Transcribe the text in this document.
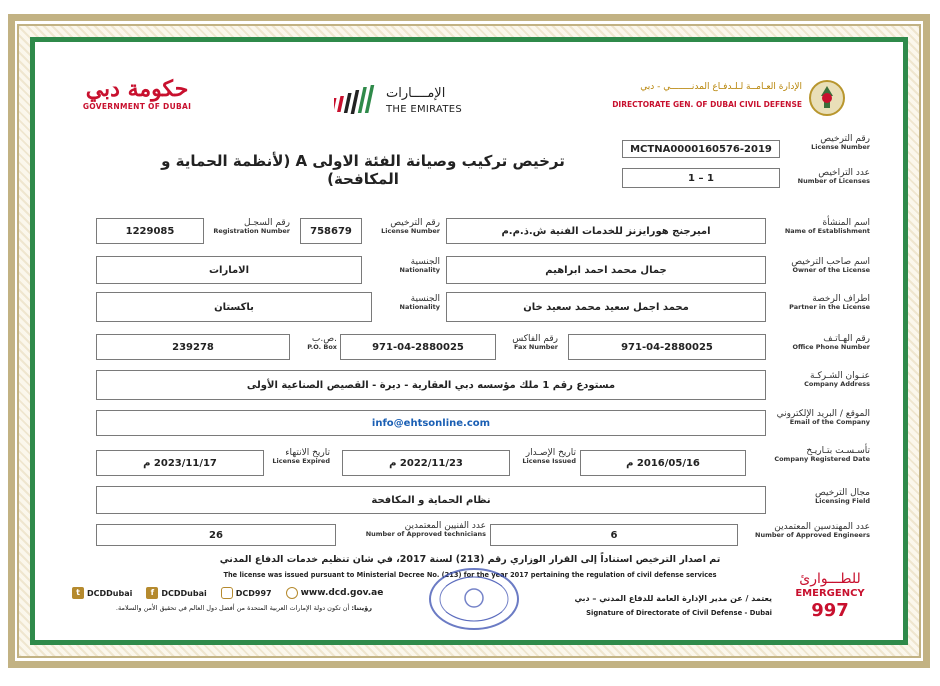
حكومة دبي
GOVERNMENT OF DUBAI
الإمــــارات
THE EMIRATES
الإدارة العـامــة لـلـدفـاع المدنــــــــي - دبي
DIRECTORATE GEN. OF DUBAI CIVIL DEFENSE
ترخيص تركيب وصيانة الفئة الاولى A (لأنظمة الحماية و المكافحة)
MCTNA0000160576-2019
رقم الترخيص
License Number
1 – 1	عدد التراخيص
Number of Licenses
اسم المنشأة
Name of Establishment
اميرجنج هورايزنز للخدمات الفنية ش.ذ.م.م
رقم الترخيص
License Number
758679
رقم السجـل
Registration Number
1229085
اسم صاحب الترخيص
Owner of the License
جمال محمد احمد ابراهيم
الجنسية
Nationality
الامارات
اطراف الرخصة
Partner in the License
محمد اجمل سعيد محمد سعيد خان
الجنسية
Nationality
باكستان
رقم الهـاتـف
Office Phone Number
971-04-2880025
رقم الفاكس
Fax Number
971-04-2880025
ص.ب.
P.O. Box
239278
عنـوان الشـركـة
Company Address
مستودع رقم 1 ملك مؤسسه دبي العقارية - ديرة - القصيص الصناعية الأولى
الموقع / البريد الإلكتروني
Email of the Company
info@ehtsonline.com
تأسـسـت بتـاريـخ
Company Registered Date
2016/05/16 م
تاريخ الإصـدار
License Issued
2022/11/23 م
تاريخ الانتهاء
License Expired
2023/11/17 م
مجال الترخيص
Licensing Field
نظام الحماية و المكافحة
عدد المهندسين المعتمدين
Number of Approved Engineers
6
عدد الفنيين المعتمدين
Number of Approved technicians
26
تم اصدار الترخيص استناداً إلى القرار الوزاري رقم (213) لسنة 2017، في شان تنظيم خدمات الدفاع المدني
The license was issued pursuant to Ministerial Decree No. (213) for the year 2017 pertaining the regulation of civil defense services
يعتمد / عن مدير الإدارة العامة للدفاع المدني – دبي
Signature of Directorate of Civil Defense - Dubai
للطـــوارئ
EMERGENCY
997
t DCDDubai	f DCDDubai	DCD997	www.dcd.gov.ae
رؤيتنا: أن تكون دولة الإمارات العربية المتحدة من أفضل دول العالم في تحقيق الأمن والسلامة.
